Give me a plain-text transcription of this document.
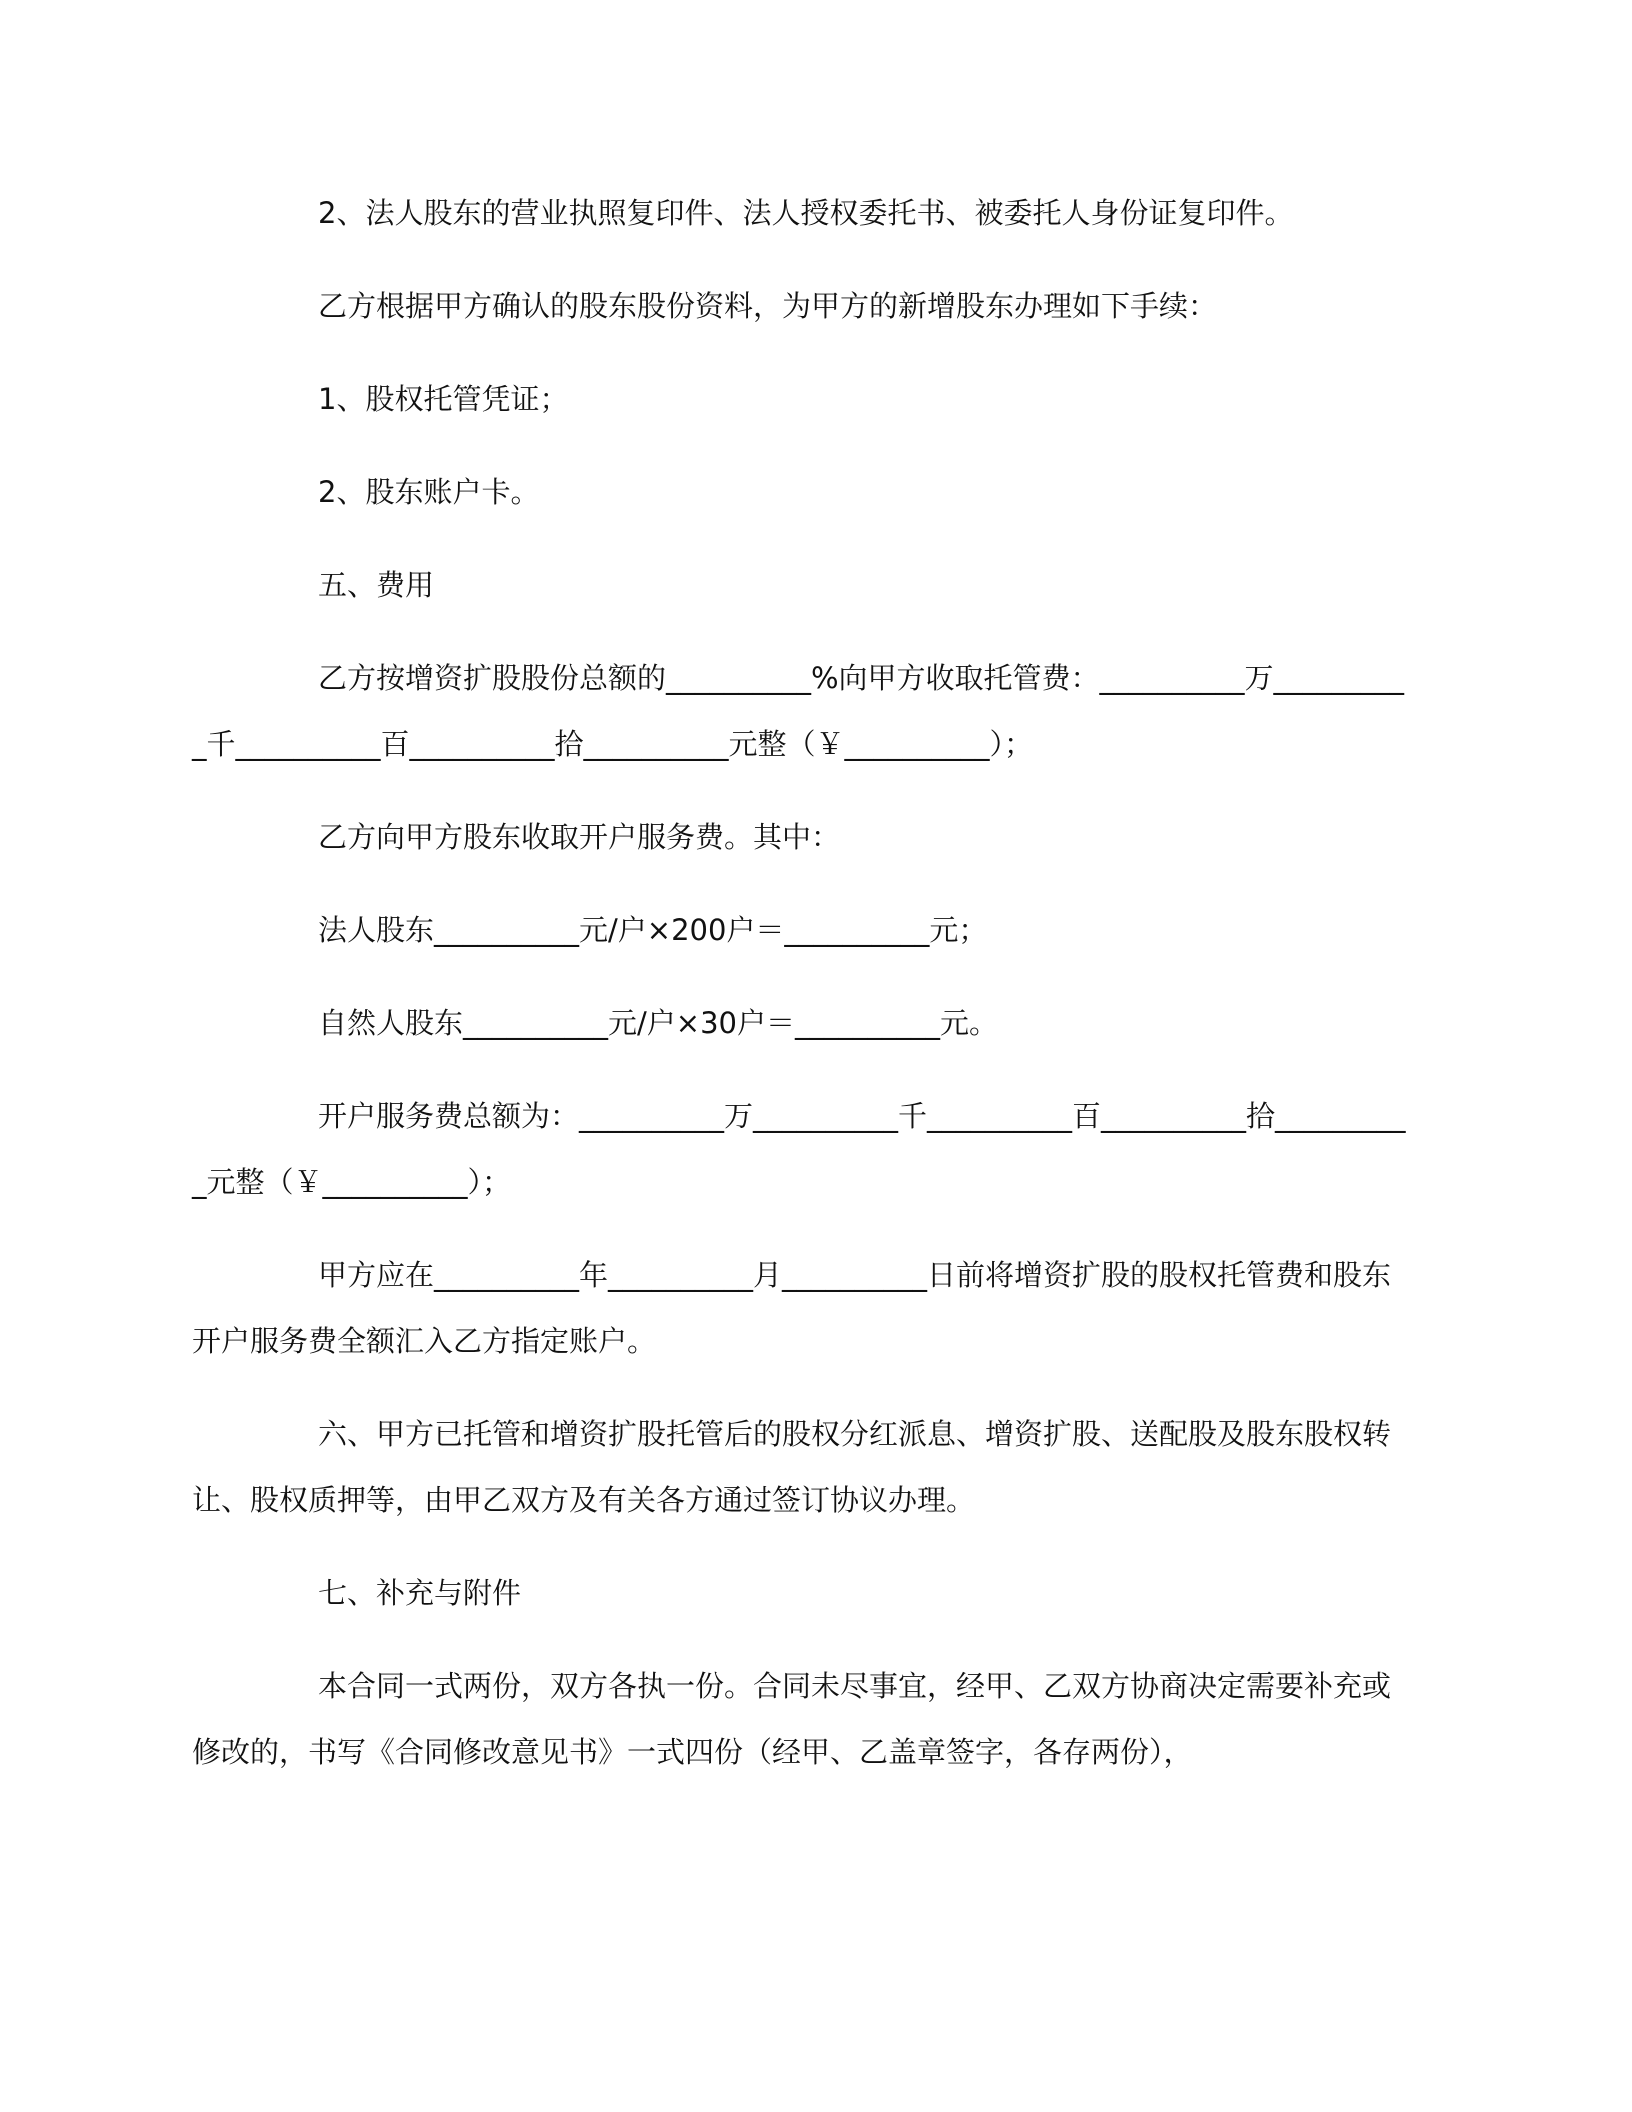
2、法人股东的营业执照复印件、法人授权委托书、被委托人身份证复印件。

乙方根据甲方确认的股东股份资料，为甲方的新增股东办理如下手续：

1、股权托管凭证；

2、股东账户卡。

五、费用

乙方按增资扩股股份总额的__________%向甲方收取托管费：__________万__________千__________百__________拾__________元整（￥__________）；

乙方向甲方股东收取开户服务费。其中：

法人股东__________元/户×200户＝__________元；

自然人股东__________元/户×30户＝__________元。

开户服务费总额为：__________万__________千__________百__________拾__________元整（￥__________）；

甲方应在__________年__________月__________日前将增资扩股的股权托管费和股东开户服务费全额汇入乙方指定账户。

六、甲方已托管和增资扩股托管后的股权分红派息、增资扩股、送配股及股东股权转让、股权质押等，由甲乙双方及有关各方通过签订协议办理。

七、补充与附件

本合同一式两份，双方各执一份。合同未尽事宜，经甲、乙双方协商决定需要补充或修改的，书写《合同修改意见书》一式四份（经甲、乙盖章签字，各存两份），
